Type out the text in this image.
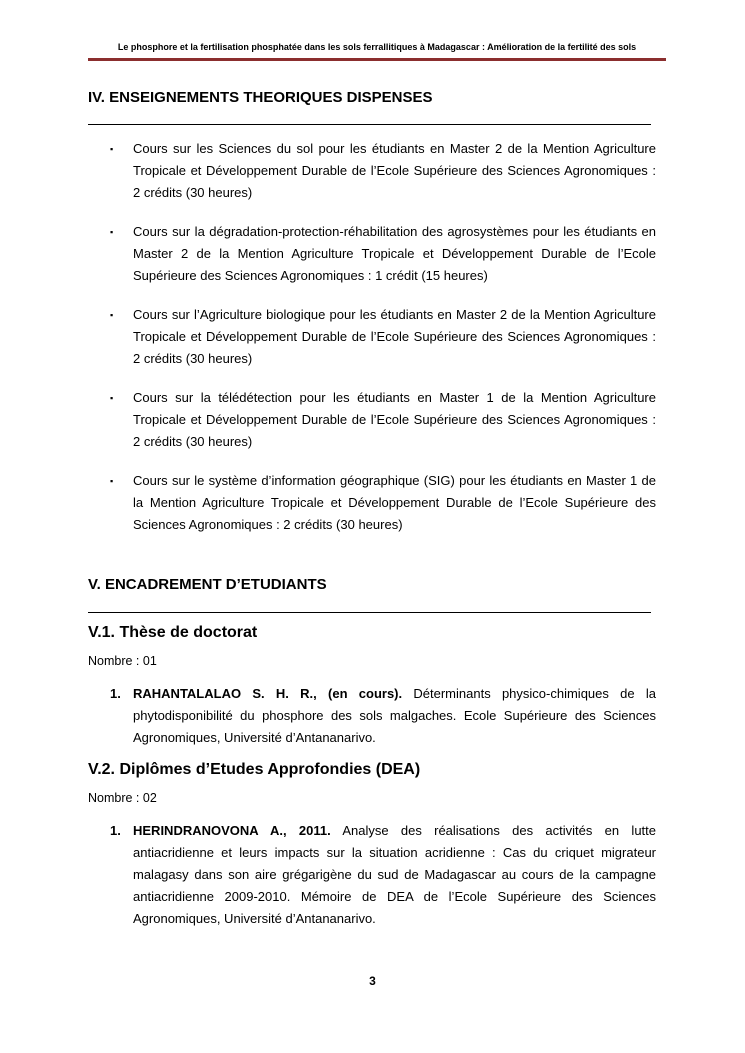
Le phosphore et la fertilisation phosphatée dans les sols ferrallitiques à Madagascar : Amélioration de la fertilité des sols
IV. ENSEIGNEMENTS THEORIQUES DISPENSES
▪ Cours sur les Sciences du sol pour les étudiants en Master 2 de la Mention Agriculture Tropicale et Développement Durable de l’Ecole Supérieure des Sciences Agronomiques : 2 crédits (30 heures)
▪ Cours sur la dégradation-protection-réhabilitation des agrosystèmes pour les étudiants en Master 2 de la Mention Agriculture Tropicale et Développement Durable de l’Ecole Supérieure des Sciences Agronomiques : 1 crédit (15 heures)
▪ Cours sur l’Agriculture biologique pour les étudiants en Master 2 de la Mention Agriculture Tropicale et Développement Durable de l’Ecole Supérieure des Sciences Agronomiques : 2 crédits (30 heures)
▪ Cours sur la télédétection pour les étudiants en Master 1 de la Mention Agriculture Tropicale et Développement Durable de l’Ecole Supérieure des Sciences Agronomiques : 2 crédits (30 heures)
▪ Cours sur le système d’information géographique (SIG) pour les étudiants en Master 1 de la Mention Agriculture Tropicale et Développement Durable de l’Ecole Supérieure des Sciences Agronomiques : 2 crédits (30 heures)
V. ENCADREMENT D’ETUDIANTS
V.1. Thèse de doctorat
Nombre : 01
1. RAHANTALALAO S. H. R., (en cours). Déterminants physico-chimiques de la phytodisponibilité du phosphore des sols malgaches. Ecole Supérieure des Sciences Agronomiques, Université d’Antananarivo.
V.2. Diplômes d’Etudes Approfondies (DEA)
Nombre : 02
1. HERINDRANOVONA A., 2011. Analyse des réalisations des activités en lutte antiacridienne et leurs impacts sur la situation acridienne : Cas du criquet migrateur malagasy dans son aire grégarigène du sud de Madagascar au cours de la campagne antiacridienne 2009-2010. Mémoire de DEA de l’Ecole Supérieure des Sciences Agronomiques, Université d’Antananarivo.
3
